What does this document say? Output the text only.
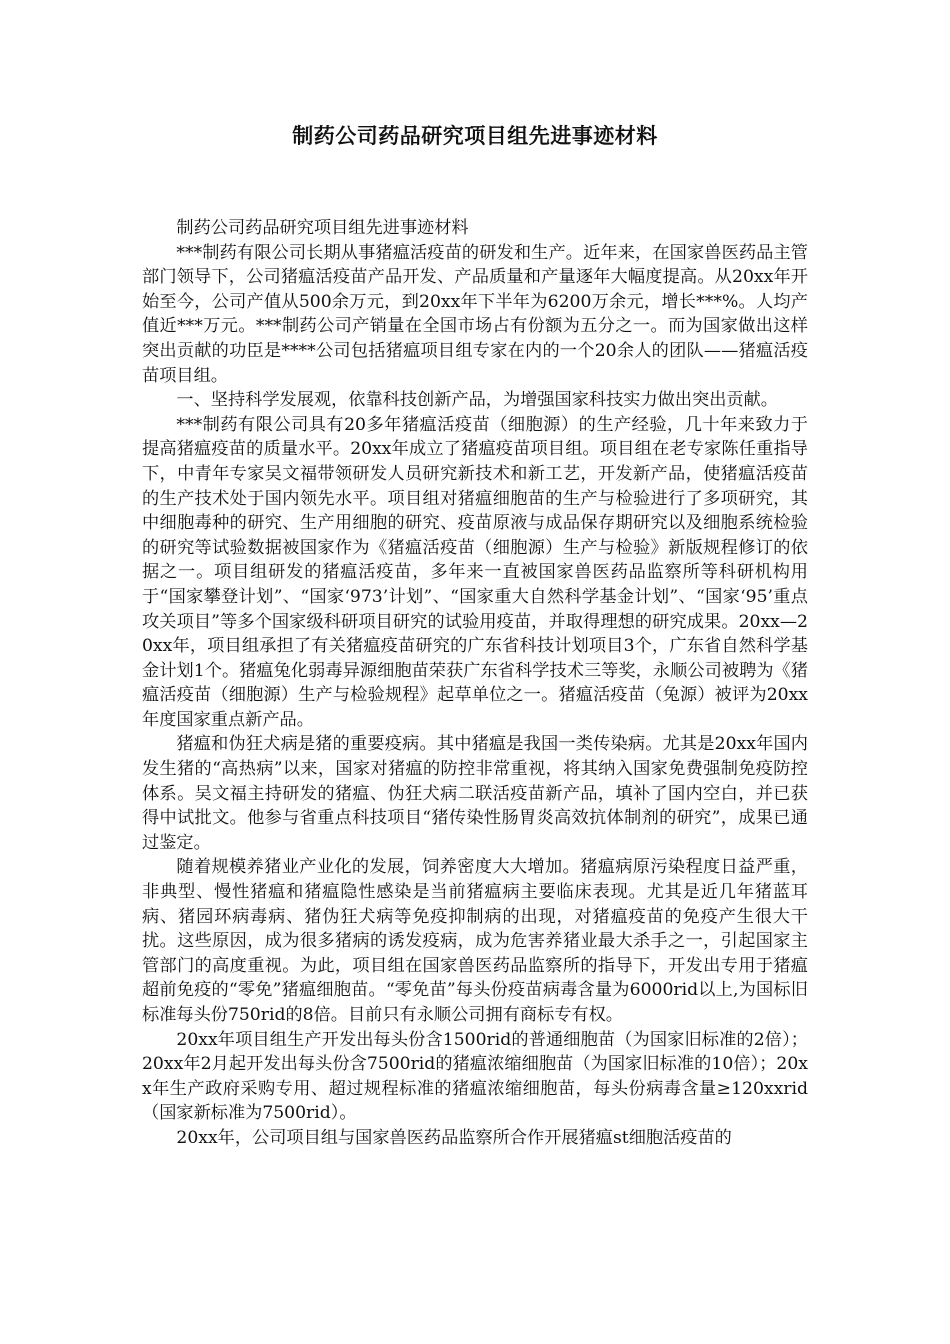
制药公司药品研究项目组先进事迹材料

制药公司药品研究项目组先进事迹材料

***制药有限公司长期从事猪瘟活疫苗的研发和生产。近年来，在国家兽医药品主管部门领导下，公司猪瘟活疫苗产品开发、产品质量和产量逐年大幅度提高。从20xx年开始至今，公司产值从500余万元，到20xx年下半年为6200万余元，增长***%。人均产值近***万元。***制药公司产销量在全国市场占有份额为五分之一。而为国家做出这样突出贡献的功臣是****公司包括猪瘟项目组专家在内的一个20余人的团队——猪瘟活疫苗项目组。

一、坚持科学发展观，依靠科技创新产品，为增强国家科技实力做出突出贡献。

***制药有限公司具有20多年猪瘟活疫苗（细胞源）的生产经验，几十年来致力于提高猪瘟疫苗的质量水平。20xx年成立了猪瘟疫苗项目组。项目组在老专家陈任重指导下，中青年专家吴文福带领研发人员研究新技术和新工艺，开发新产品，使猪瘟活疫苗的生产技术处于国内领先水平。项目组对猪瘟细胞苗的生产与检验进行了多项研究，其中细胞毒种的研究、生产用细胞的研究、疫苗原液与成品保存期研究以及细胞系统检验的研究等试验数据被国家作为《猪瘟活疫苗（细胞源）生产与检验》新版规程修订的依据之一。项目组研发的猪瘟活疫苗，多年来一直被国家兽医药品监察所等科研机构用于“国家攀登计划”、“国家‘973’计划”、“国家重大自然科学基金计划”、“国家‘95’重点攻关项目”等多个国家级科研项目研究的试验用疫苗，并取得理想的研究成果。20xx—20xx年，项目组承担了有关猪瘟疫苗研究的广东省科技计划项目3个，广东省自然科学基金计划1个。猪瘟兔化弱毒异源细胞苗荣获广东省科学技术三等奖，永顺公司被聘为《猪瘟活疫苗（细胞源）生产与检验规程》起草单位之一。猪瘟活疫苗（兔源）被评为20xx年度国家重点新产品。

猪瘟和伪狂犬病是猪的重要疫病。其中猪瘟是我国一类传染病。尤其是20xx年国内发生猪的“高热病”以来，国家对猪瘟的防控非常重视，将其纳入国家免费强制免疫防控体系。吴文福主持研发的猪瘟、伪狂犬病二联活疫苗新产品，填补了国内空白，并已获得中试批文。他参与省重点科技项目“猪传染性肠胃炎高效抗体制剂的研究”，成果已通过鉴定。

随着规模养猪业产业化的发展，饲养密度大大增加。猪瘟病原污染程度日益严重，非典型、慢性猪瘟和猪瘟隐性感染是当前猪瘟病主要临床表现。尤其是近几年猪蓝耳病、猪园环病毒病、猪伪狂犬病等免疫抑制病的出现，对猪瘟疫苗的免疫产生很大干扰。这些原因，成为很多猪病的诱发疫病，成为危害养猪业最大杀手之一，引起国家主管部门的高度重视。为此，项目组在国家兽医药品监察所的指导下，开发出专用于猪瘟超前免疫的“零免”猪瘟细胞苗。“零免苗”每头份疫苗病毒含量为6000rid以上,为国标旧标准每头份750rid的8倍。目前只有永顺公司拥有商标专有权。

20xx年项目组生产开发出每头份含1500rid的普通细胞苗（为国家旧标准的2倍）；20xx年2月起开发出每头份含7500rid的猪瘟浓缩细胞苗（为国家旧标准的10倍）；20xx年生产政府采购专用、超过规程标准的猪瘟浓缩细胞苗，每头份病毒含量≥120xxrid（国家新标准为7500rid）。

20xx年，公司项目组与国家兽医药品监察所合作开展猪瘟st细胞活疫苗的
